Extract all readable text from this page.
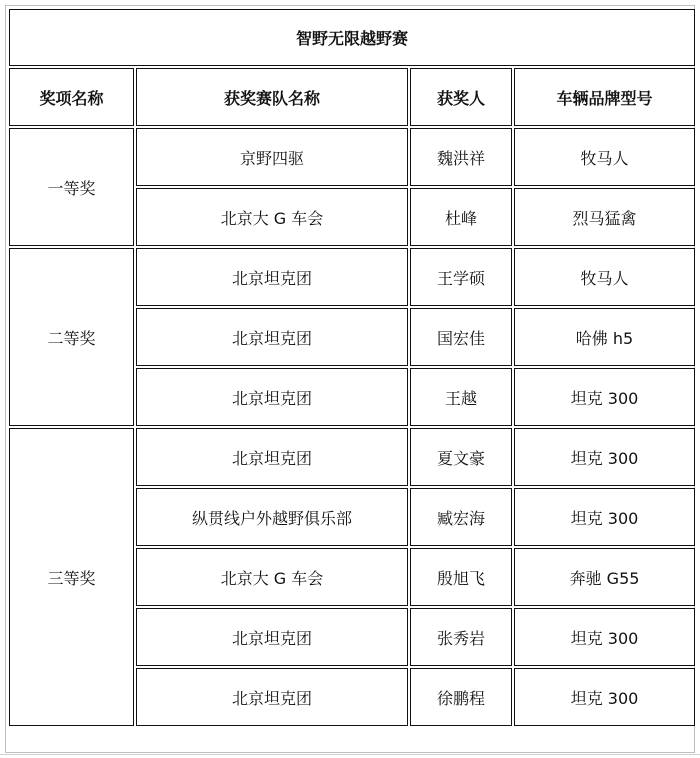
智野无限越野赛			
奖项名称	获奖赛队名称	获奖人	车辆品牌型号
一等奖	京野四驱	魏洪祥	牧马人
	北京大 G 车会	杜峰	烈马猛禽
二等奖	北京坦克团	王学硕	牧马人
	北京坦克团	国宏佳	哈佛 h5
	北京坦克团	王越	坦克 300
三等奖	北京坦克团	夏文豪	坦克 300
	纵贯线户外越野俱乐部	臧宏海	坦克 300
	北京大 G 车会	殷旭飞	奔驰 G55
	北京坦克团	张秀岩	坦克 300
	北京坦克团	徐鹏程	坦克 300
